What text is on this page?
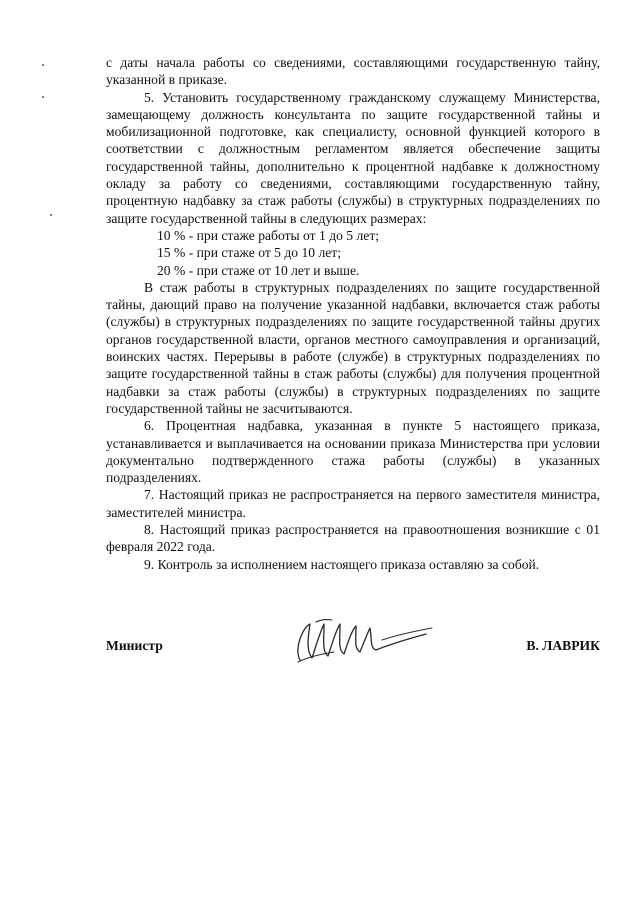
с даты начала работы со сведениями, составляющими государственную тайну, указанной в приказе.

5. Установить государственному гражданскому служащему Министерства, замещающему должность консультанта по защите государственной тайны и мобилизационной подготовке, как специалисту, основной функцией которого в соответствии с должностным регламентом является обеспечение защиты государственной тайны, дополнительно к процентной надбавке к должностному окладу за работу со сведениями, составляющими государственную тайну, процентную надбавку за стаж работы (службы) в структурных подразделениях по защите государственной тайны в следующих размерах:

10 % - при стаже работы от 1 до 5 лет;

15 % - при стаже от 5 до 10 лет;

20 % - при стаже от 10 лет и выше.

В стаж работы в структурных подразделениях по защите государственной тайны, дающий право на получение указанной надбавки, включается стаж работы (службы) в структурных подразделениях по защите государственной тайны других органов государственной власти, органов местного самоуправления и организаций, воинских частях. Перерывы в работе (службе) в структурных подразделениях по защите государственной тайны в стаж работы (службы) для получения процентной надбавки за стаж работы (службы) в структурных подразделениях по защите государственной тайны не засчитываются.

6. Процентная надбавка, указанная в пункте 5 настоящего приказа, устанавливается и выплачивается на основании приказа Министерства при условии документально подтвержденного стажа работы (службы) в указанных подразделениях.

7. Настоящий приказ не распространяется на первого заместителя министра, заместителей министра.

8. Настоящий приказ распространяется на правоотношения возникшие с 01 февраля 2022 года.

9. Контроль за исполнением настоящего приказа оставляю за собой.

Министр	В. ЛАВРИК
